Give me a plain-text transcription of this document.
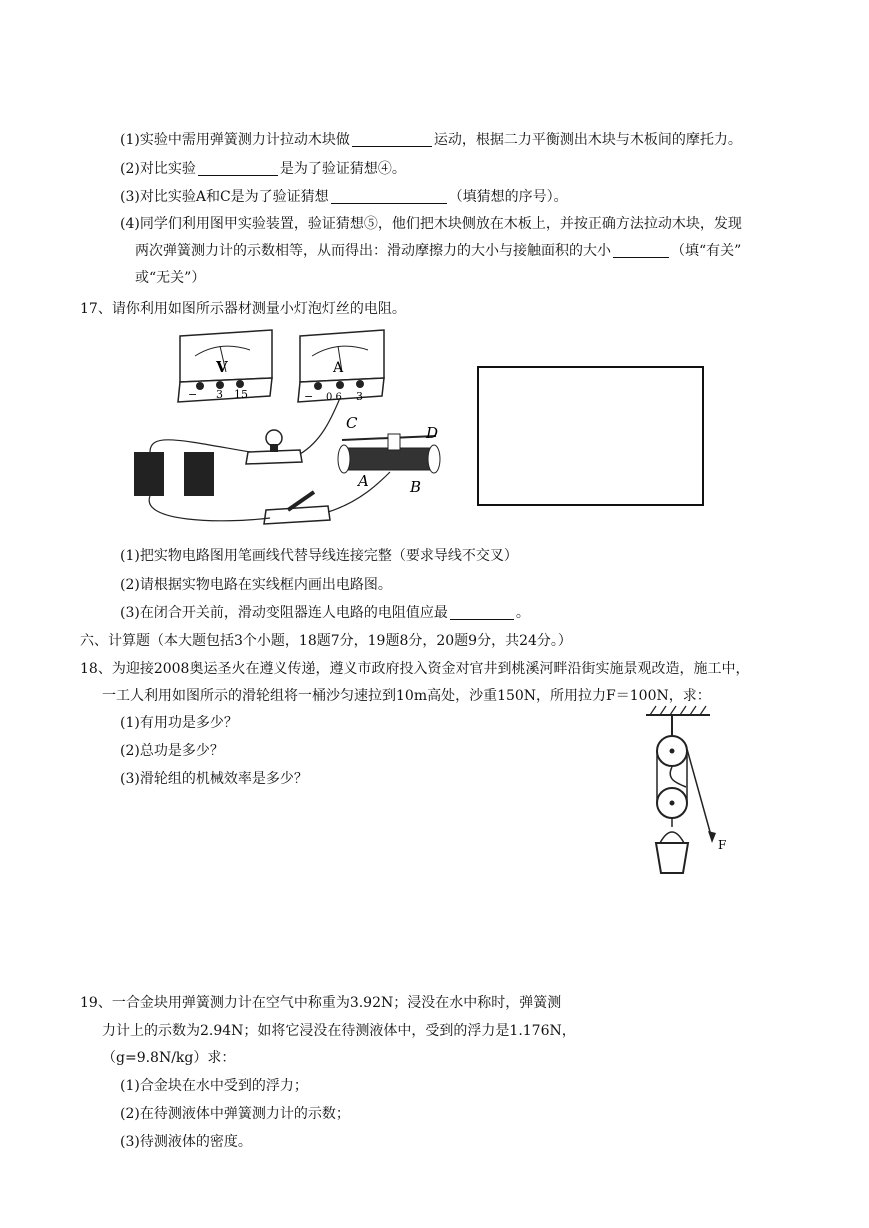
(1)实验中需用弹簧测力计拉动木块做	运动，根据二力平衡测出木块与木板间的摩托力。
(2)对比实验	是为了验证猜想④。
(3)对比实验A和C是为了验证猜想	（填猜想的序号）。
(4)同学们利用图甲实验装置，验证猜想⑤，他们把木块侧放在木板上，并按正确方法拉动木块，发现
两次弹簧测力计的示数相等，从而得出：滑动摩擦力的大小与接触面积的大小	（填“有关”
或“无关”）
17、请你利用如图所示器材测量小灯泡灯丝的电阻。
V
− 3 15
A
− 0.6 3
C
D
A	B
(1)把实物电路图用笔画线代替导线连接完整（要求导线不交叉）
(2)请根据实物电路在实线框内画出电路图。
(3)在闭合开关前，滑动变阻器连人电路的电阻值应最	。
六、计算题（本大题包括3个小题，18题7分，19题8分，20题9分，共24分。）
18、为迎接2008奥运圣火在遵义传递，遵义市政府投入资金对官井到桃溪河畔沿街实施景观改造，施工中，
一工人利用如图所示的滑轮组将一桶沙匀速拉到10m高处，沙重150N，所用拉力F＝100N，求：
(1)有用功是多少？
(2)总功是多少？
(3)滑轮组的机械效率是多少？
F
19、一合金块用弹簧测力计在空气中称重为3.92N；浸没在水中称时，弹簧测
力计上的示数为2.94N；如将它浸没在待测液体中，受到的浮力是1.176N，
（g=9.8N/kg）求：
(1)合金块在水中受到的浮力；
(2)在待测液体中弹簧测力计的示数；
(3)待测液体的密度。
